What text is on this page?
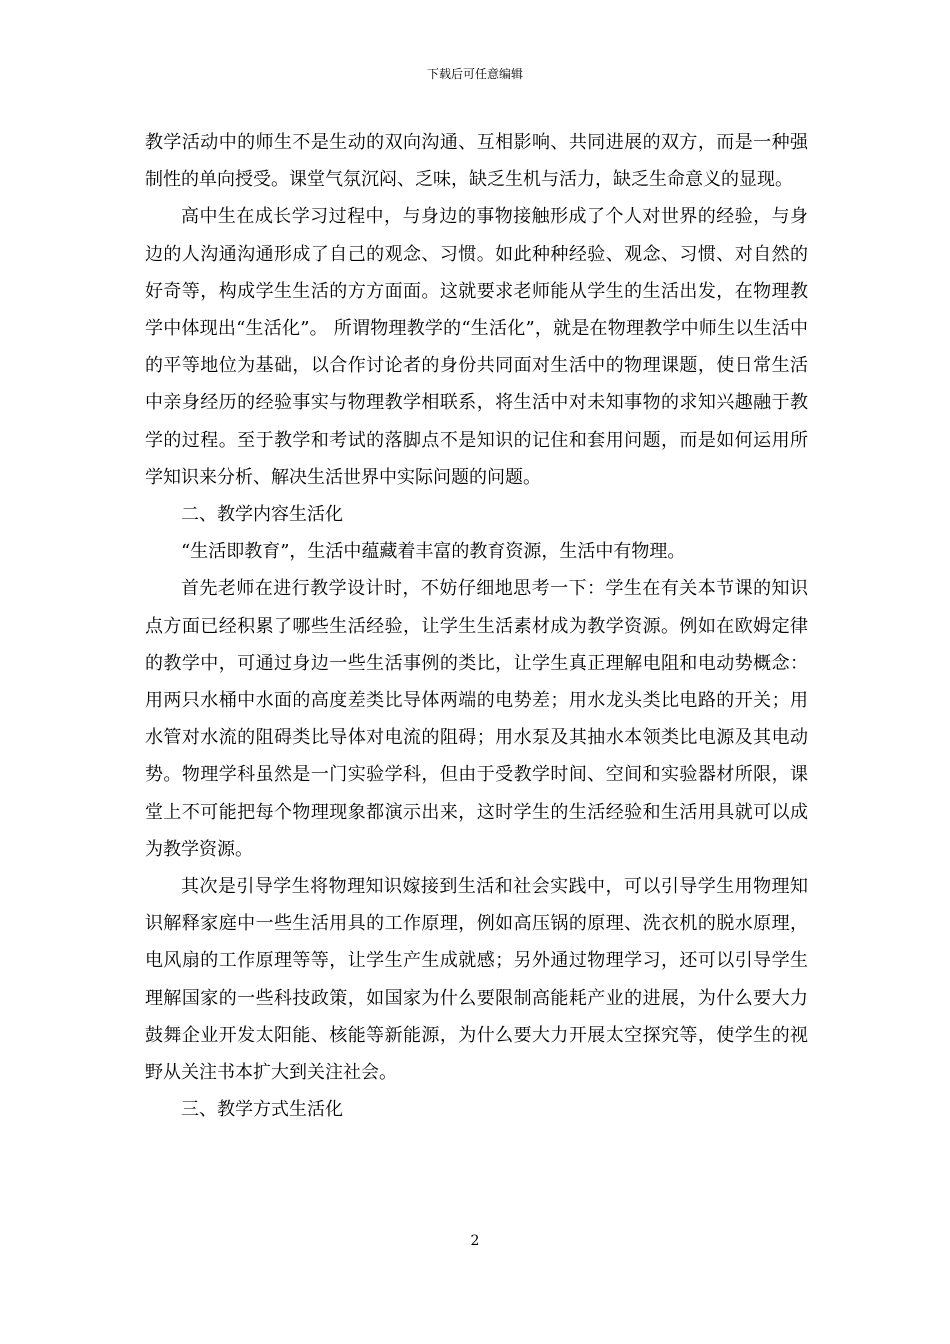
下载后可任意编辑

教学活动中的师生不是生动的双向沟通、互相影响、共同进展的双方，而是一种强制性的单向授受。课堂气氛沉闷、乏味，缺乏生机与活力，缺乏生命意义的显现。

高中生在成长学习过程中，与身边的事物接触形成了个人对世界的经验，与身边的人沟通沟通形成了自己的观念、习惯。如此种种经验、观念、习惯、对自然的好奇等，构成学生生活的方方面面。这就要求老师能从学生的生活出发，在物理教学中体现出“生活化”。 所谓物理教学的“生活化”，就是在物理教学中师生以生活中的平等地位为基础，以合作讨论者的身份共同面对生活中的物理课题，使日常生活中亲身经历的经验事实与物理教学相联系，将生活中对未知事物的求知兴趣融于教学的过程。至于教学和考试的落脚点不是知识的记住和套用问题，而是如何运用所学知识来分析、解决生活世界中实际问题的问题。

二、教学内容生活化

“生活即教育”，生活中蕴藏着丰富的教育资源，生活中有物理。

首先老师在进行教学设计时，不妨仔细地思考一下：学生在有关本节课的知识点方面已经积累了哪些生活经验，让学生生活素材成为教学资源。例如在欧姆定律的教学中，可通过身边一些生活事例的类比，让学生真正理解电阻和电动势概念：用两只水桶中水面的高度差类比导体两端的电势差；用水龙头类比电路的开关；用水管对水流的阻碍类比导体对电流的阻碍；用水泵及其抽水本领类比电源及其电动势。物理学科虽然是一门实验学科，但由于受教学时间、空间和实验器材所限，课堂上不可能把每个物理现象都演示出来，这时学生的生活经验和生活用具就可以成为教学资源。

其次是引导学生将物理知识嫁接到生活和社会实践中，可以引导学生用物理知识解释家庭中一些生活用具的工作原理，例如高压锅的原理、洗衣机的脱水原理，电风扇的工作原理等等，让学生产生成就感；另外通过物理学习，还可以引导学生理解国家的一些科技政策，如国家为什么要限制高能耗产业的进展，为什么要大力鼓舞企业开发太阳能、核能等新能源，为什么要大力开展太空探究等，使学生的视野从关注书本扩大到关注社会。

三、教学方式生活化

2
